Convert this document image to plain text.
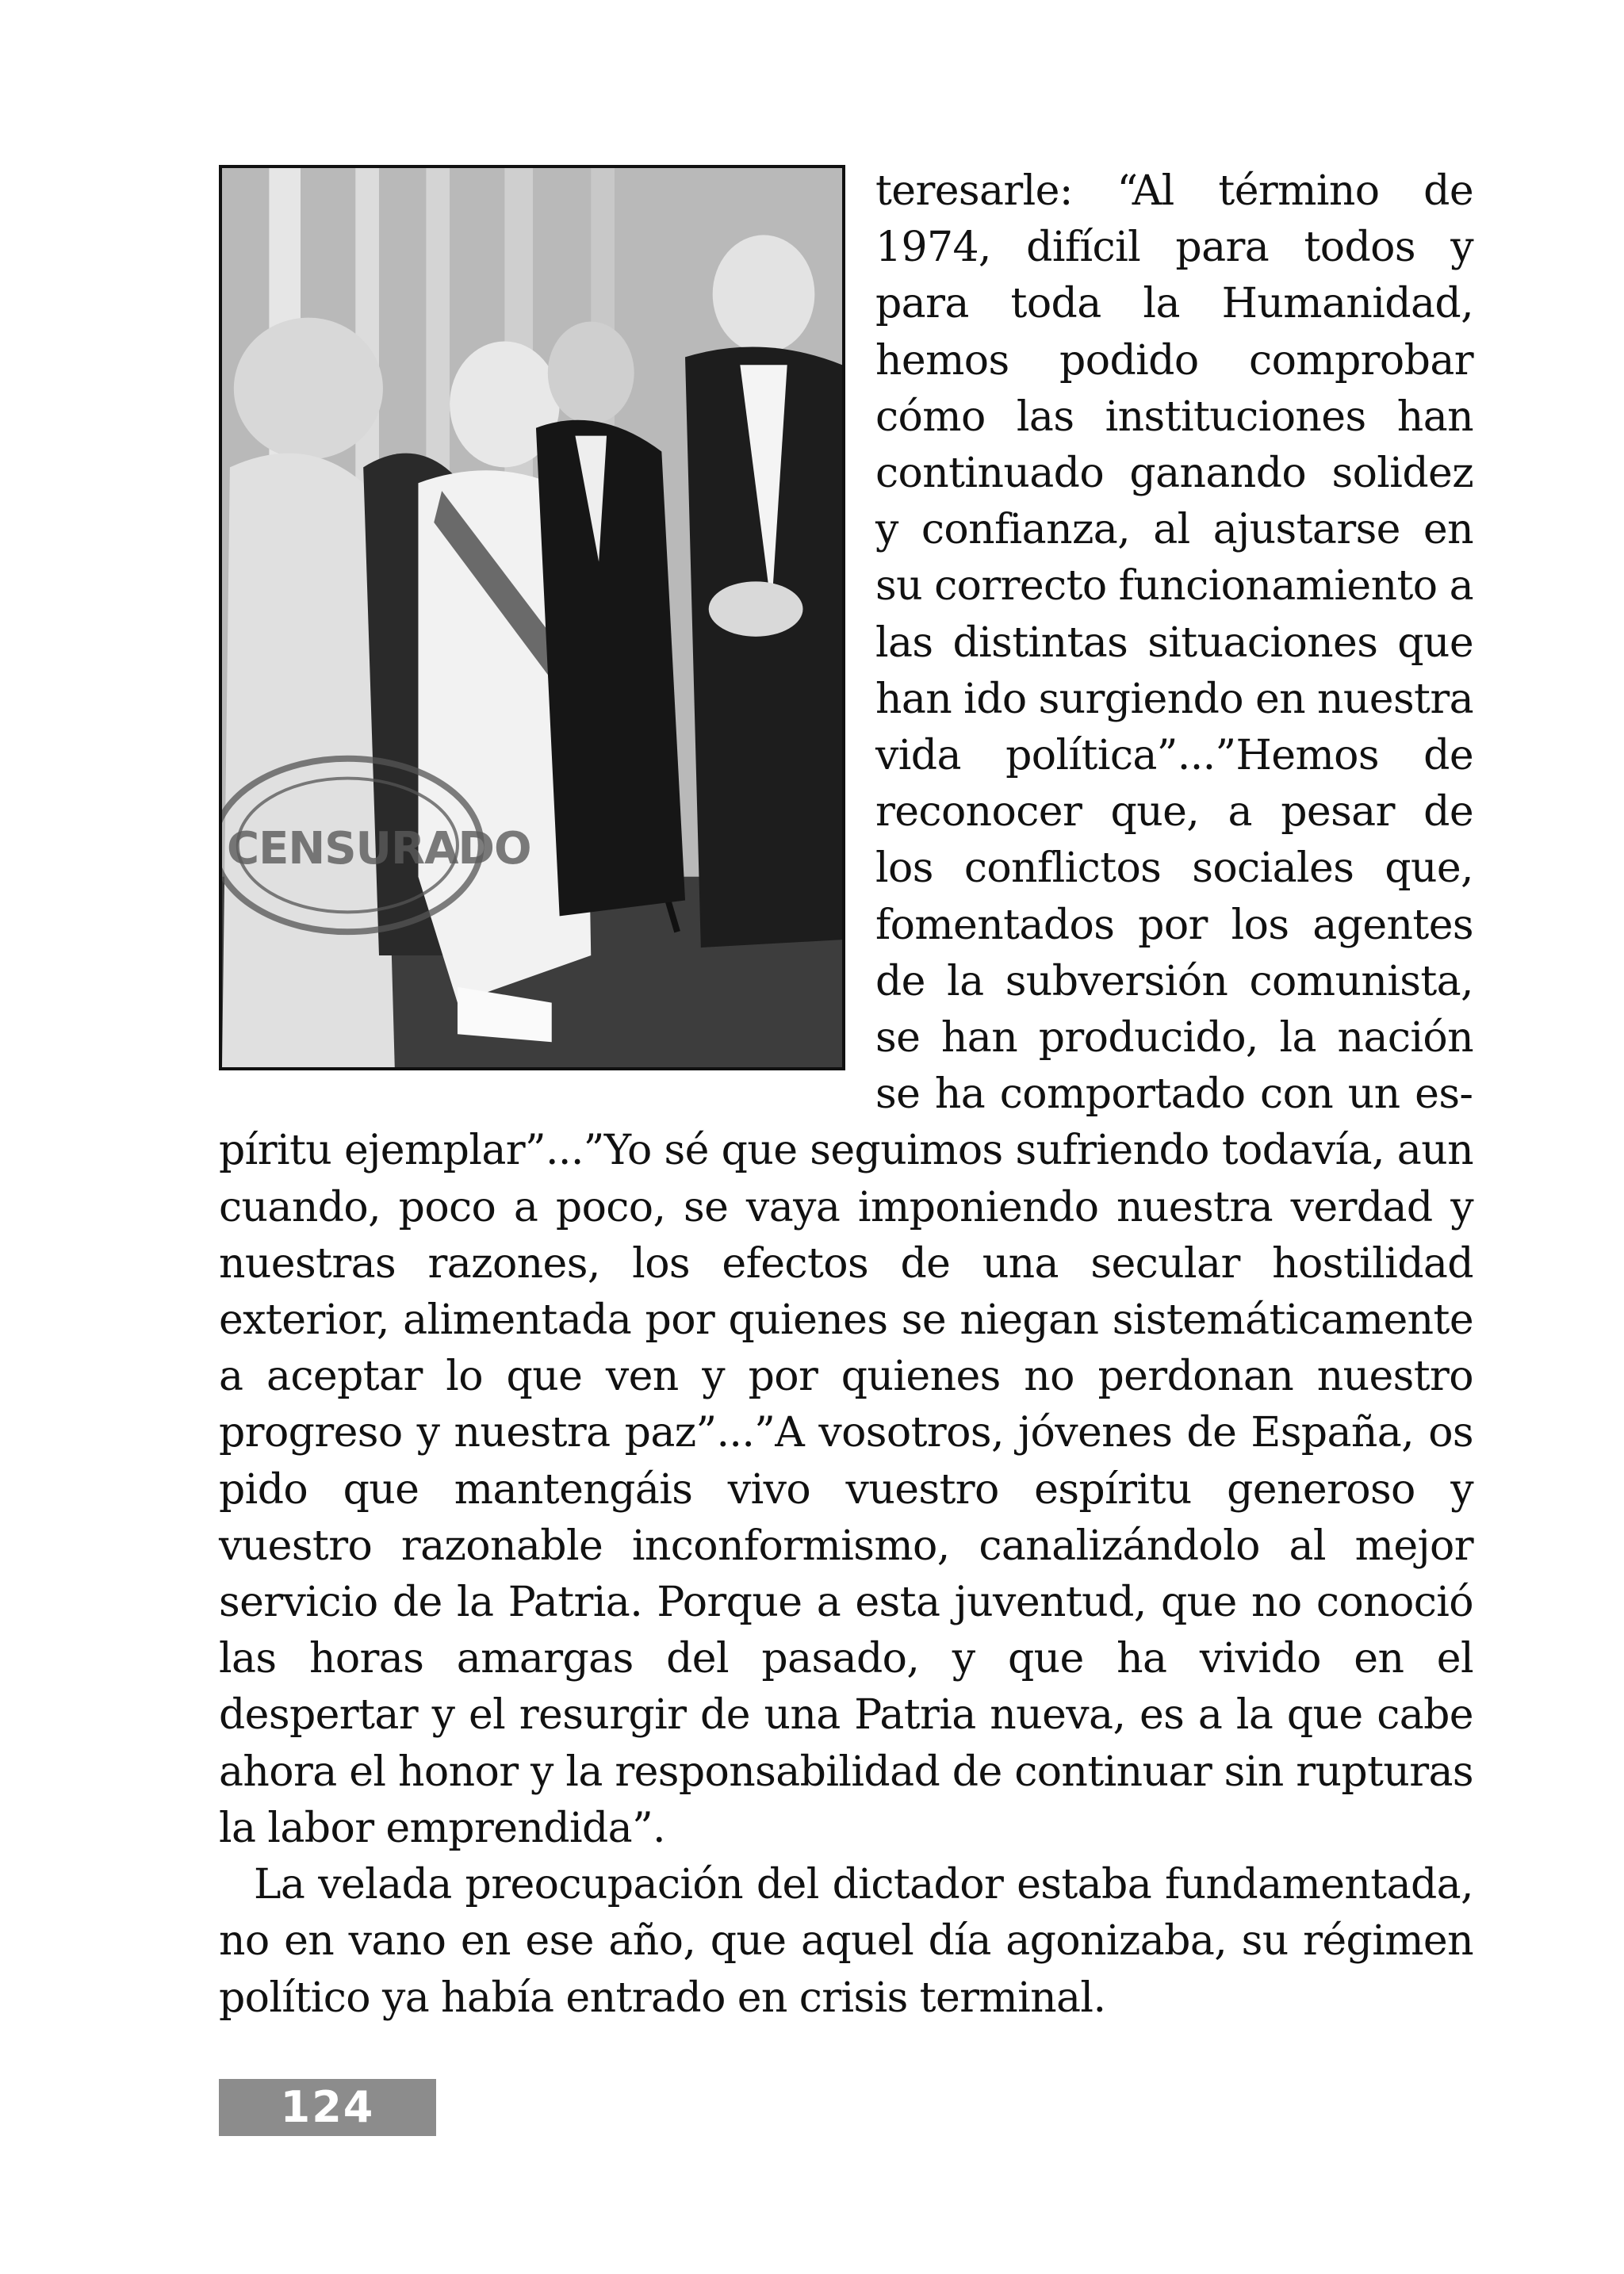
CENSURADO

teresarle: “Al término de 1974, difícil para todos y para toda la Humanidad, hemos podido comprobar cómo las instituciones han continuado ganando solidez y confianza, al ajustarse en su correcto funcionamiento a las distintas situaciones que han ido surgiendo en nuestra vida política”...”Hemos de reconocer que, a pesar de los conflictos sociales que, fomentados por los agentes de la subversión comunista, se han producido, la nación se ha comportado con un espíritu ejemplar”...”Yo sé que seguimos sufriendo todavía, aun cuando, poco a poco, se vaya imponiendo nuestra verdad y nuestras razones, los efectos de una secular hostilidad exterior, alimentada por quienes se niegan sistemáticamente a aceptar lo que ven y por quienes no perdonan nuestro progreso y nuestra paz”...”A vosotros, jóvenes de España, os pido que mantengáis vivo vuestro espíritu generoso y vuestro razonable inconformismo, canalizándolo al mejor servicio de la Patria. Porque a esta juventud, que no conoció las horas amargas del pasado, y que ha vivido en el despertar y el resurgir de una Patria nueva, es a la que cabe ahora el honor y la responsabilidad de continuar sin rupturas la labor emprendida”.

La velada preocupación del dictador estaba fundamentada, no en vano en ese año, que aquel día agonizaba, su régimen político ya había entrado en crisis terminal.

124
